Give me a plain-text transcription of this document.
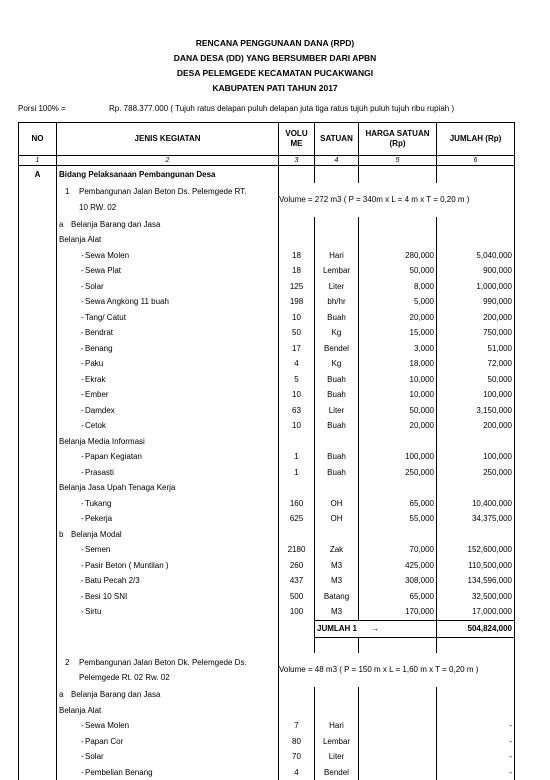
RENCANA PENGGUNAAN DANA (RPD)
DANA DESA (DD) YANG BERSUMBER DARI APBN
DESA PELEMGEDE KECAMATAN PUCAKWANGI
KABUPATEN PATI TAHUN 2017
Porsi 100% =	Rp. 788.377.000 ( Tujuh ratus delapan puluh delapan juta tiga ratus tujuh puluh tujuh ribu rupiah )
NO	JENIS KEGIATAN	VOLU ME	SATUAN	HARGA SATUAN (Rp)	JUMLAH (Rp)
1	2	3	4	5	6
A	Bidang Pelaksanaan Pembangunan Desa				
	1 Pembangunan Jalan Beton Ds. Pelemgede RT. 10 RW. 02	Volume = 272 m3 ( P = 340m x L = 4 m x T = 0,20 m )			
	a Belanja Barang dan Jasa				
	Belanja Alat				
	-Sewa Molen	18	Hari	280,000	5,040,000
	-Sewa Plat	18	Lembar	50,000	900,000
	-Solar	125	Liter	8,000	1,000,000
	-Sewa Angkong 11 buah	198	bh/hr	5,000	990,000
	-Tang/ Catut	10	Buah	20,000	200,000
	-Bendrat	50	Kg	15,000	750,000
	-Benang	17	Bendel	3,000	51,000
	-Paku	4	Kg	18,000	72,000
	-Ekrak	5	Buah	10,000	50,000
	-Ember	10	Buah	10,000	100,000
	-Damdex	63	Liter	50,000	3,150,000
	-Cetok	10	Buah	20,000	200,000
	Belanja Media Informasi				
	-Papan Kegiatan	1	Buah	100,000	100,000
	-Prasasti	1	Buah	250,000	250,000
	Belanja Jasa Upah Tenaga Kerja				
	-Tukang	160	OH	65,000	10,400,000
	-Pekerja	625	OH	55,000	34,375,000
	b Belanja Modal				
	-Semen	2180	Zak	70,000	152,600,000
	-Pasir Beton ( Muntilan )	260	M3	425,000	110,500,000
	-Batu Pecah 2/3	437	M3	308,000	134,596,000
	-Besi 10 SNI	500	Batang	65,000	32,500,000
	-Sirtu	100	M3	170,000	17,000,000
			JUMLAH 1 →		504,824,000

	2 Pembangunan Jalan Beton Dk. Pelemgede Ds. Pelemgede Rt. 02 Rw. 02	Volume = 48 m3 ( P = 150 m x L = 1,60 m x T = 0,20 m )			
	a Belanja Barang dan Jasa				
	Belanja Alat				
	-Sewa Molen	7	Hari		-
	-Papan Cor	80	Lembar		-
	-Solar	70	Liter		-
	-Pembelian Benang	4	Bendel		-
